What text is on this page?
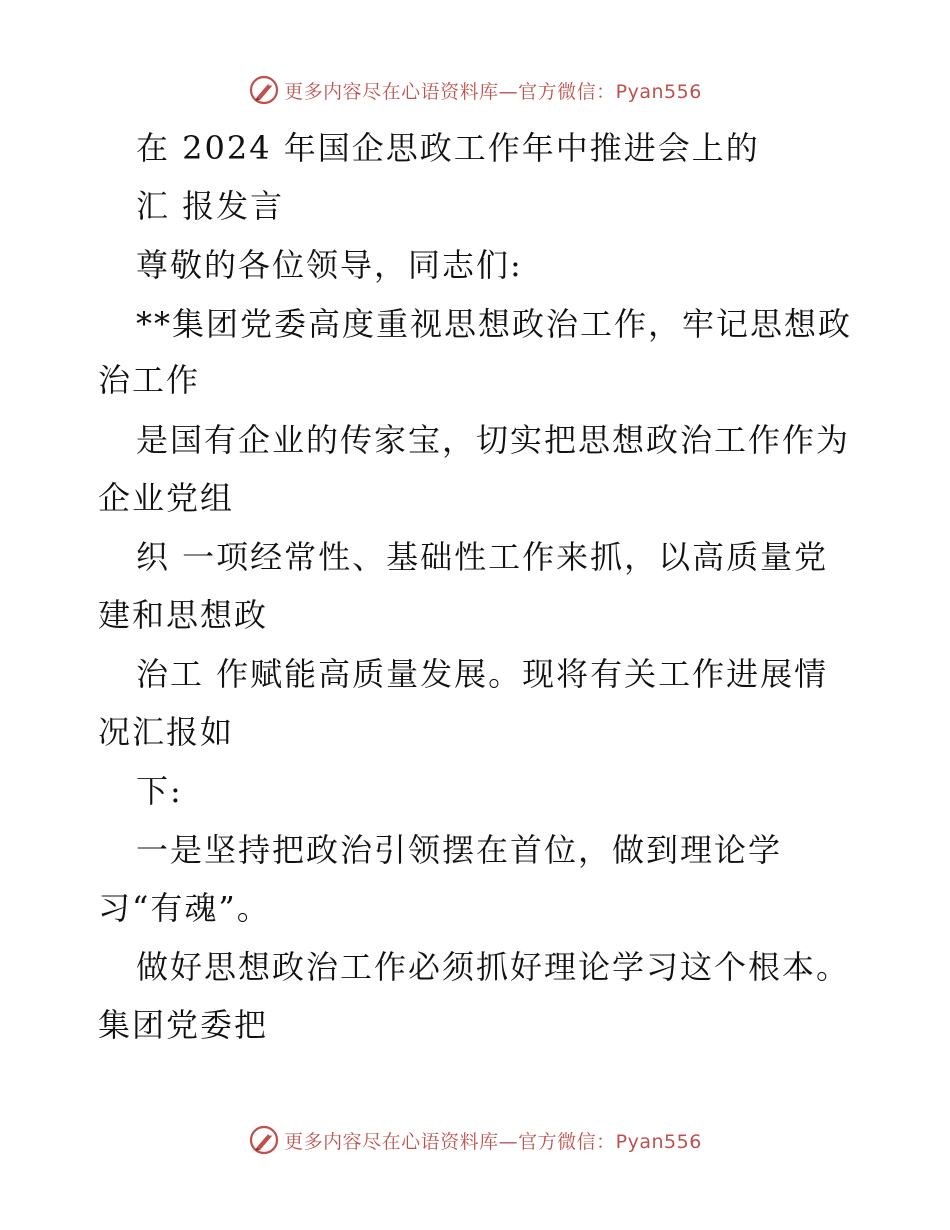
更多内容尽在心语资料库—官方微信：Pyan556
在 2024 年国企思政工作年中推进会上的
汇 报发言
尊敬的各位领导，同志们:
**集团党委高度重视思想政治工作，牢记思想政
治工作
是国有企业的传家宝，切实把思想政治工作作为
企业党组
织 一项经常性、基础性工作来抓，以高质量党
建和思想政
治工 作赋能高质量发展。现将有关工作进展情
况汇报如
下:
一是坚持把政治引领摆在首位，做到理论学
习“有魂”。
做好思想政治工作必须抓好理论学习这个根本。
集团党委把
更多内容尽在心语资料库—官方微信：Pyan556
